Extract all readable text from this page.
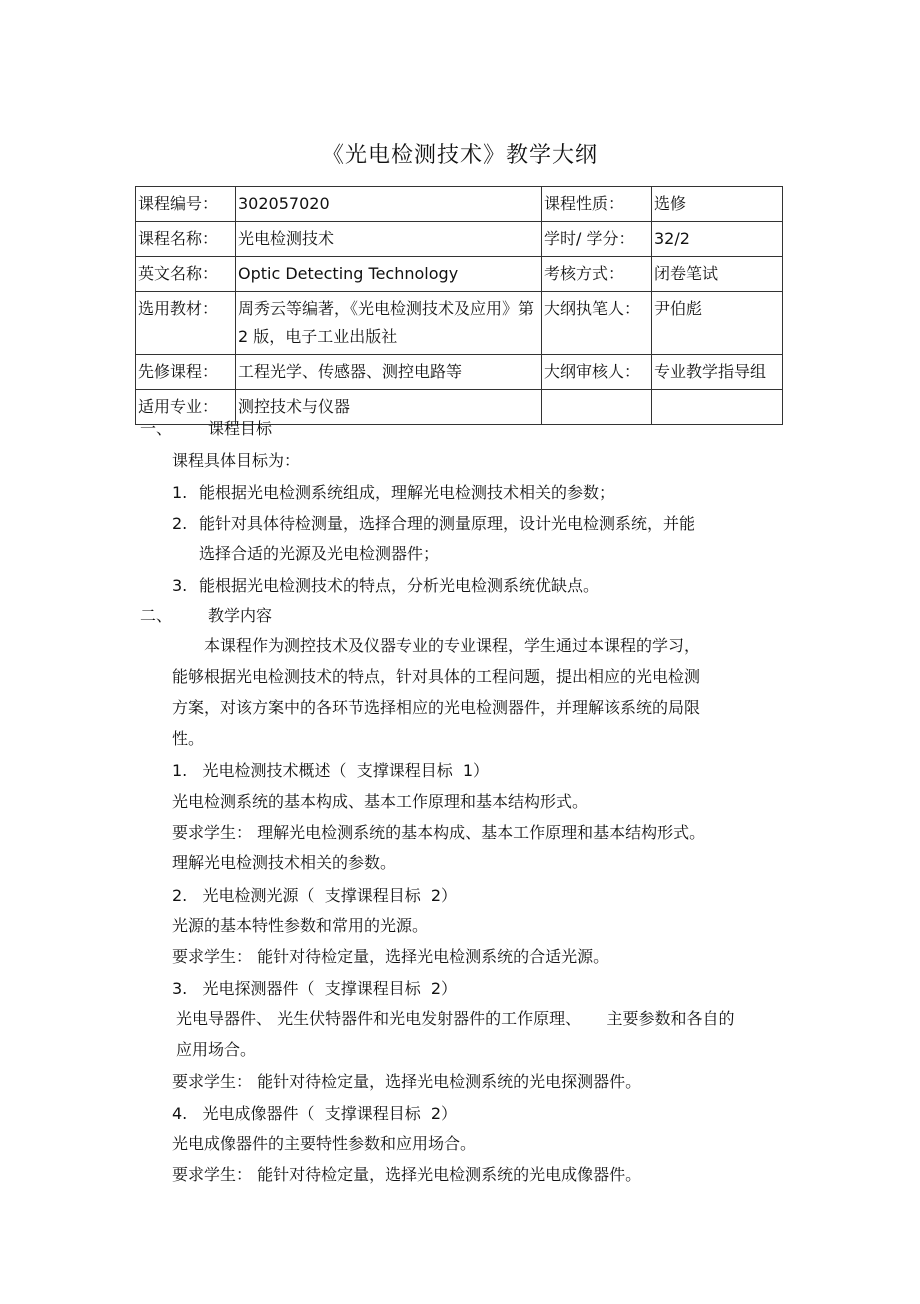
《光电检测技术》教学大纲
课程编号：	302057020	课程性质：	选修
课程名称：	光电检测技术	学时/ 学分：	32/2
英文名称：	Optic Detecting Technology	考核方式：	闭卷笔试
选用教材：	周秀云等编著，《光电检测技术及应用》第 2 版，电子工业出版社	大纲执笔人：	尹伯彪
先修课程：	工程光学、传感器、测控电路等	大纲审核人：	专业教学指导组
适用专业：	测控技术与仪器		
一、 课程目标
课程具体目标为：
1. 能根据光电检测系统组成，理解光电检测技术相关的参数；
2. 能针对具体待检测量，选择合理的测量原理，设计光电检测系统，并能
选择合适的光源及光电检测器件；
3. 能根据光电检测技术的特点，分析光电检测系统优缺点。
二、 教学内容
本课程作为测控技术及仪器专业的专业课程，学生通过本课程的学习，
能够根据光电检测技术的特点，针对具体的工程问题，提出相应的光电检测
方案，对该方案中的各环节选择相应的光电检测器件，并理解该系统的局限
性。
1.   光电检测技术概述（  支撑课程目标  1）
光电检测系统的基本构成、基本工作原理和基本结构形式。
要求学生： 理解光电检测系统的基本构成、基本工作原理和基本结构形式。
理解光电检测技术相关的参数。
2.   光电检测光源（  支撑课程目标  2）
光源的基本特性参数和常用的光源。
要求学生： 能针对待检定量，选择光电检测系统的合适光源。
3.   光电探测器件（  支撑课程目标  2）
光电导器件、 光生伏特器件和光电发射器件的工作原理、     主要参数和各自的
应用场合。
要求学生： 能针对待检定量，选择光电检测系统的光电探测器件。
4.   光电成像器件（  支撑课程目标  2）
光电成像器件的主要特性参数和应用场合。
要求学生： 能针对待检定量，选择光电检测系统的光电成像器件。
